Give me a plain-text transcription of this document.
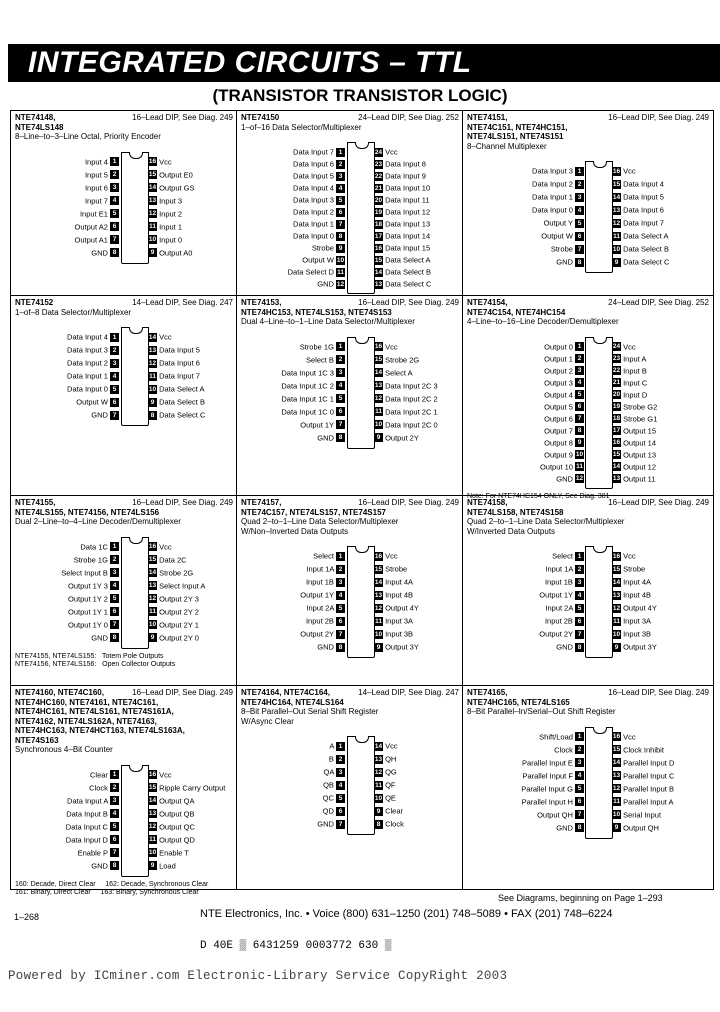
INTEGRATED CIRCUITS – TTL
(TRANSISTOR TRANSISTOR LOGIC)
16–Lead DIP, See Diag. 249
NTE74148,
NTE74LS148
8–Line–to–3–Line Octal, Priority Encoder
Input 4 1	16 Vcc
Input 5 2	15 Output E0
Input 6 3	14 Output GS
Input 7 4	13 Input 3
Input E1 5	12 Input 2
Output A2 6	11 Input 1
Output A1 7	10 Input 0
GND 8	9 Output A0
24–Lead DIP, See Diag. 252
NTE74150
1–of–16 Data Selector/Multiplexer
Data Input 7 1	24 Vcc
Data Input 6 2	23 Data Input 8
Data Input 5 3	22 Data Input 9
Data Input 4 4	21 Data Input 10
Data Input 3 5	20 Data Input 11
Data Input 2 6	19 Data Input 12
Data Input 1 7	18 Data Input 13
Data Input 0 8	17 Data Input 14
Strobe 9	16 Data Input 15
Output W 10	15 Data Select A
Data Select D 11	14 Data Select B
GND 12	13 Data Select C
16–Lead DIP, See Diag. 249
NTE74151,
NTE74C151, NTE74HC151,
NTE74LS151, NTE74S151
8–Channel Multiplexer
Data Input 3 1	16 Vcc
Data Input 2 2	15 Data Input 4
Data Input 1 3	14 Data Input 5
Data Input 0 4	13 Data Input 6
Output Y 5	12 Data Input 7
Output W 6	11 Data Select A
Strobe 7	10 Data Select B
GND 8	9 Data Select C
14–Lead DIP, See Diag. 247
NTE74152
1–of–8 Data Selector/Multiplexer
Data Input 4 1	14 Vcc
Data Input 3 2	13 Data Input 5
Data Input 2 3	12 Data Input 6
Data Input 1 4	11 Data Input 7
Data Input 0 5	10 Data Select A
Output W 6	9 Data Select B
GND 7	8 Data Select C
16–Lead DIP, See Diag. 249
NTE74153,
NTE74HC153, NTE74LS153, NTE74S153
Dual 4–Line–to–1–Line Data Selector/Multiplexer
Strobe 1G 1	16 Vcc
Select B 2	15 Strobe 2G
Data Input 1C 3 3	14 Select A
Data Input 1C 2 4	13 Data Input 2C 3
Data Input 1C 1 5	12 Data Input 2C 2
Data Input 1C 0 6	11 Data Input 2C 1
Output 1Y 7	10 Data Input 2C 0
GND 8	9 Output 2Y
24–Lead DIP, See Diag. 252
NTE74154,
NTE74C154, NTE74HC154
4–Line–to–16–Line Decoder/Demultiplexer
Output 0 1	24 Vcc
Output 1 2	23 Input A
Output 2 3	22 Input B
Output 3 4	21 Input C
Output 4 5	20 Input D
Output 5 6	19 Strobe G2
Output 6 7	18 Strobe G1
Output 7 8	17 Output 15
Output 8 9	16 Output 14
Output 9 10	15 Output 13
Output 10 11	14 Output 12
GND 12	13 Output 11
Note: For NTE74HC154 ONLY, See Diag. 381
16–Lead DIP, See Diag. 249
NTE74155,
NTE74LS155, NTE74156, NTE74LS156
Dual 2–Line–to–4–Line Decoder/Demultiplexer
Data 1C 1	16 Vcc
Strobe 1G 2	15 Data 2C
Select Input B 3	14 Strobe 2G
Output 1Y 3 4	13 Select Input A
Output 1Y 2 5	12 Output 2Y 3
Output 1Y 1 6	11 Output 2Y 2
Output 1Y 0 7	10 Output 2Y 1
GND 8	9 Output 2Y 0
NTE74155, NTE74LS155:   Totem Pole Outputs
NTE74156, NTE74LS156:   Open Collector Outputs
16–Lead DIP, See Diag. 249
NTE74157,
NTE74C157, NTE74LS157, NTE74S157
Quad 2–to–1–Line Data Selector/Multiplexer
W/Non–Inverted Data Outputs
Select 1	16 Vcc
Input 1A 2	15 Strobe
Input 1B 3	14 Input 4A
Output 1Y 4	13 Input 4B
Input 2A 5	12 Output 4Y
Input 2B 6	11 Input 3A
Output 2Y 7	10 Input 3B
GND 8	9 Output 3Y
16–Lead DIP, See Diag. 249
NTE74158,
NTE74LS158, NTE74S158
Quad 2–to–1–Line Data Selector/Multiplexer
W/Inverted Data Outputs
Select 1	16 Vcc
Input 1A 2	15 Strobe
Input 1B 3	14 Input 4A
Output 1Y 4	13 Input 4B
Input 2A 5	12 Output 4Y
Input 2B 6	11 Input 3A
Output 2Y 7	10 Input 3B
GND 8	9 Output 3Y
16–Lead DIP, See Diag. 249
NTE74160, NTE74C160,
NTE74HC160, NTE74161, NTE74C161,
NTE74HC161, NTE74LS161, NTE74S161A,
NTE74162, NTE74LS162A, NTE74163,
NTE74HC163, NTE74HCT163, NTE74LS163A,
NTE74S163
Synchronous 4–Bit Counter
Clear 1	16 Vcc
Clock 2	15 Ripple Carry Output
Data Input A 3	14 Output QA
Data Input B 4	13 Output QB
Data Input C 5	12 Output QC
Data Input D 6	11 Output QD
Enable P 7	10 Enable T
GND 8	9 Load
160: Decade, Direct Clear     162: Decade, Synchronous Clear
161: Binary, Direct Clear     163: Binary, Synchronous Clear
14–Lead DIP, See Diag. 247
NTE74164, NTE74C164,
NTE74HC164, NTE74LS164
8–Bit Parallel–Out Serial Shift Register
W/Async Clear
A 1	14 Vcc
B 2	13 QH
QA 3	12 QG
QB 4	11 QF
QC 5	10 QE
QD 6	9 Clear
GND 7	8 Clock
16–Lead DIP, See Diag. 249
NTE74165,
NTE74HC165, NTE74LS165
8–Bit Parallel–In/Serial–Out Shift Register
Shift/Load 1	16 Vcc
Clock 2	15 Clock Inhibit
Parallel Input E 3	14 Parallel Input D
Parallel Input F 4	13 Parallel Input C
Parallel Input G 5	12 Parallel Input B
Parallel Input H 6	11 Parallel Input A
Output QH 7	10 Serial Input
GND 8	9 Output QH
See Diagrams, beginning on Page 1–293
1–268	NTE Electronics, Inc. • Voice (800) 631–1250 (201) 748–5089 • FAX (201) 748–6224
D 40E ▒ 6431259 0003772 630 ▒
Powered by ICminer.com Electronic-Library Service CopyRight 2003
